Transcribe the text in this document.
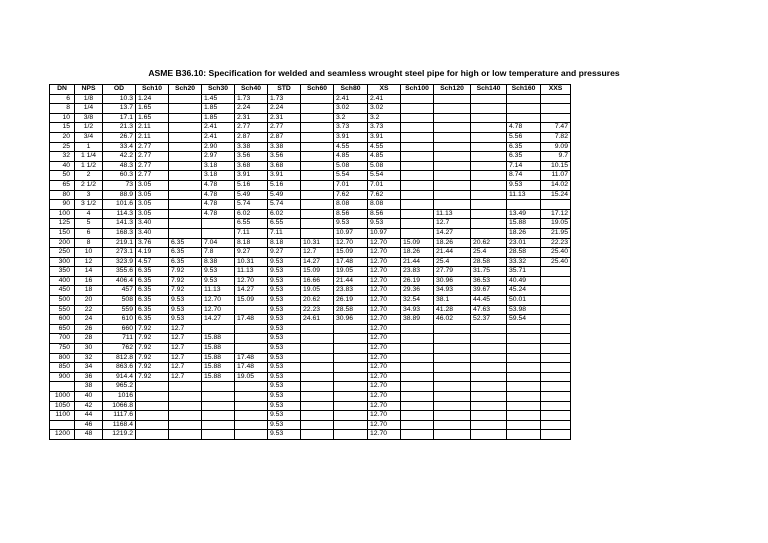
ASME B36.10: Specification for welded and seamless wrought steel pipe for high or low temperature and pressures
DN	NPS	OD	Sch10	Sch20	Sch30	Sch40	STD	Sch60	Sch80	XS	Sch100	Sch120	Sch140	Sch160	XXS
6	1/8	10.3	1.24		1.45	1.73	1.73		2.41	2.41					
8	1/4	13.7	1.65		1.85	2.24	2.24		3.02	3.02					
10	3/8	17.1	1.65		1.85	2.31	2.31		3.2	3.2					
15	1/2	21.3	2.11		2.41	2.77	2.77		3.73	3.73				4.78	7.47
20	3/4	26.7	2.11		2.41	2.87	2.87		3.91	3.91				5.56	7.82
25	1	33.4	2.77		2.90	3.38	3.38		4.55	4.55				6.35	9.09
32	1 1/4	42.2	2.77		2.97	3.56	3.56		4.85	4.85				6.35	9.7
40	1 1/2	48.3	2.77		3.18	3.68	3.68		5.08	5.08				7.14	10.15
50	2	60.3	2.77		3.18	3.91	3.91		5.54	5.54				8.74	11.07
65	2 1/2	73	3.05		4.78	5.16	5.16		7.01	7.01				9.53	14.02
80	3	88.9	3.05		4.78	5.49	5.49		7.62	7.62				11.13	15.24
90	3 1/2	101.6	3.05		4.78	5.74	5.74		8.08	8.08					
100	4	114.3	3.05		4.78	6.02	6.02		8.56	8.56		11.13		13.49	17.12
125	5	141.3	3.40			6.55	6.55		9.53	9.53		12.7		15.88	19.05
150	6	168.3	3.40			7.11	7.11		10.97	10.97		14.27		18.26	21.95
200	8	219.1	3.76	6.35	7.04	8.18	8.18	10.31	12.70	12.70	15.09	18.26	20.62	23.01	22.23
250	10	273.1	4.19	6.35	7.8	9.27	9.27	12.7	15.09	12.70	18.26	21.44	25.4	28.58	25.40
300	12	323.9	4.57	6.35	8.38	10.31	9.53	14.27	17.48	12.70	21.44	25.4	28.58	33.32	25.40
350	14	355.6	6.35	7.92	9.53	11.13	9.53	15.09	19.05	12.70	23.83	27.79	31.75	35.71	
400	16	406.4	6.35	7.92	9.53	12.70	9.53	16.66	21.44	12.70	26.19	30.96	36.53	40.49	
450	18	457	6.35	7.92	11.13	14.27	9.53	19.05	23.83	12.70	29.36	34.93	39.67	45.24	
500	20	508	6.35	9.53	12.70	15.09	9.53	20.62	26.19	12.70	32.54	38.1	44.45	50.01	
550	22	559	6.35	9.53	12.70		9.53	22.23	28.58	12.70	34.93	41.28	47.63	53.98	
600	24	610	6.35	9.53	14.27	17.48	9.53	24.61	30.96	12.70	38.89	46.02	52.37	59.54	
650	26	660	7.92	12.7			9.53			12.70					
700	28	711	7.92	12.7	15.88		9.53			12.70					
750	30	762	7.92	12.7	15.88		9.53			12.70					
800	32	812.8	7.92	12.7	15.88	17.48	9.53			12.70					
850	34	863.6	7.92	12.7	15.88	17.48	9.53			12.70					
900	36	914.4	7.92	12.7	15.88	19.05	9.53			12.70					
	38	965.2					9.53			12.70					
1000	40	1016					9.53			12.70					
1050	42	1066.8					9.53			12.70					
1100	44	1117.6					9.53			12.70					
	46	1168.4					9.53			12.70					
1200	48	1219.2					9.53			12.70					
